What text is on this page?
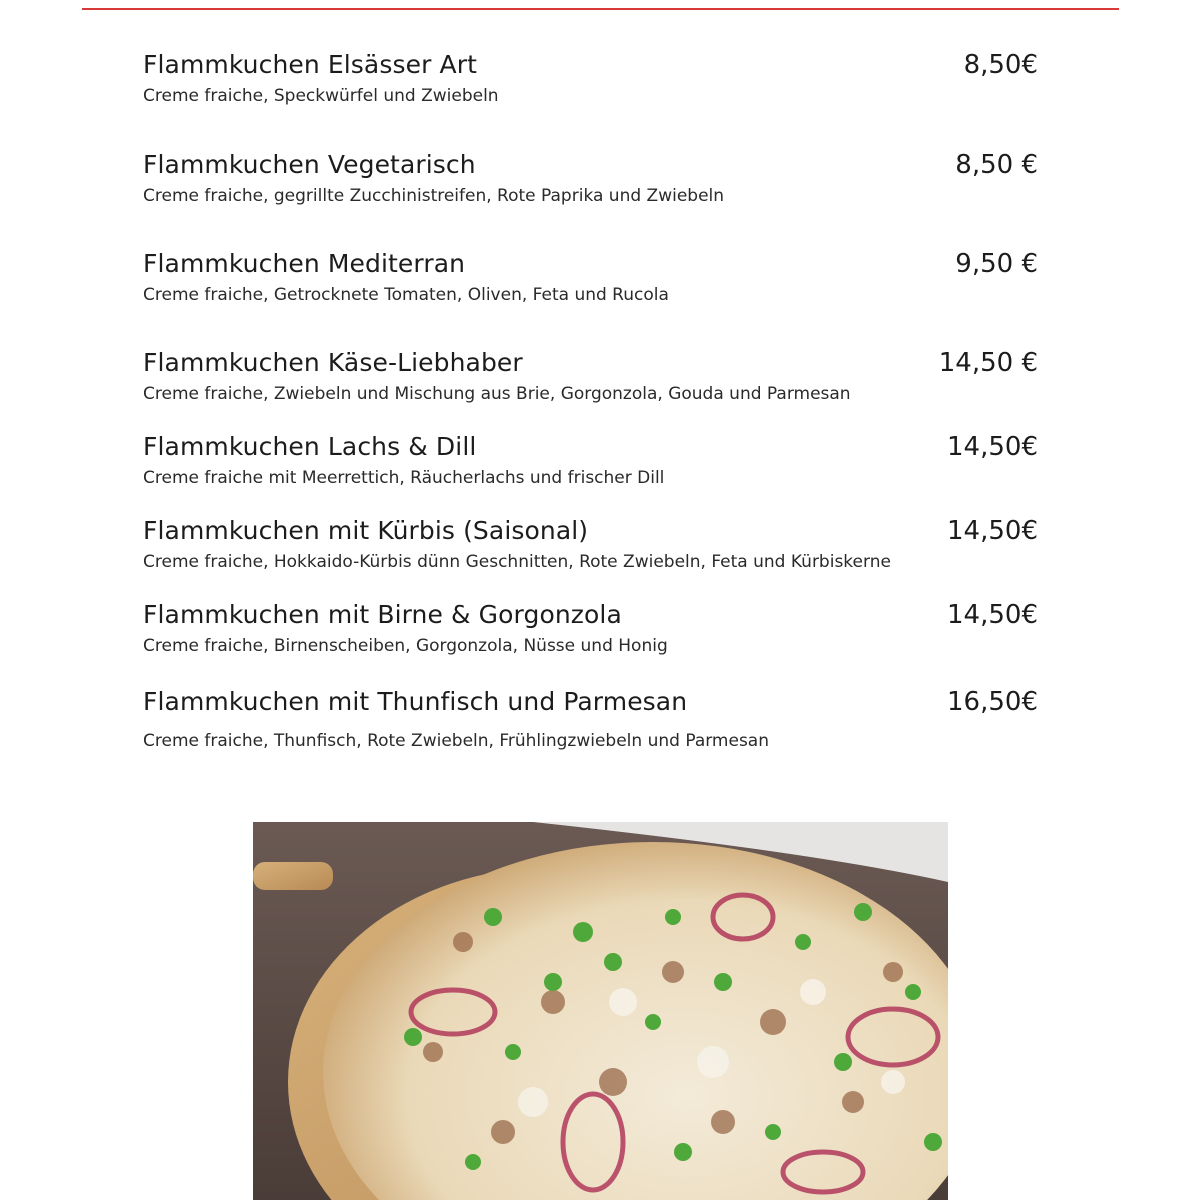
Flammkuchen Elsässer Art	8,50€
Creme fraiche, Speckwürfel und Zwiebeln
Flammkuchen Vegetarisch	8,50 €
Creme fraiche, gegrillte Zucchinistreifen, Rote Paprika und Zwiebeln
Flammkuchen Mediterran	9,50 €
Creme fraiche, Getrocknete Tomaten, Oliven, Feta und Rucola
Flammkuchen Käse-Liebhaber	14,50 €
Creme fraiche, Zwiebeln und Mischung aus Brie, Gorgonzola, Gouda und Parmesan
Flammkuchen Lachs & Dill	14,50€
Creme fraiche mit Meerrettich, Räucherlachs und frischer Dill
Flammkuchen mit Kürbis (Saisonal)	14,50€
Creme fraiche, Hokkaido-Kürbis dünn Geschnitten, Rote Zwiebeln, Feta und Kürbiskerne
Flammkuchen mit Birne & Gorgonzola	14,50€
Creme fraiche, Birnenscheiben, Gorgonzola, Nüsse und Honig
Flammkuchen mit Thunfisch und Parmesan	16,50€
Creme fraiche, Thunfisch, Rote Zwiebeln, Frühlingzwiebeln und Parmesan
